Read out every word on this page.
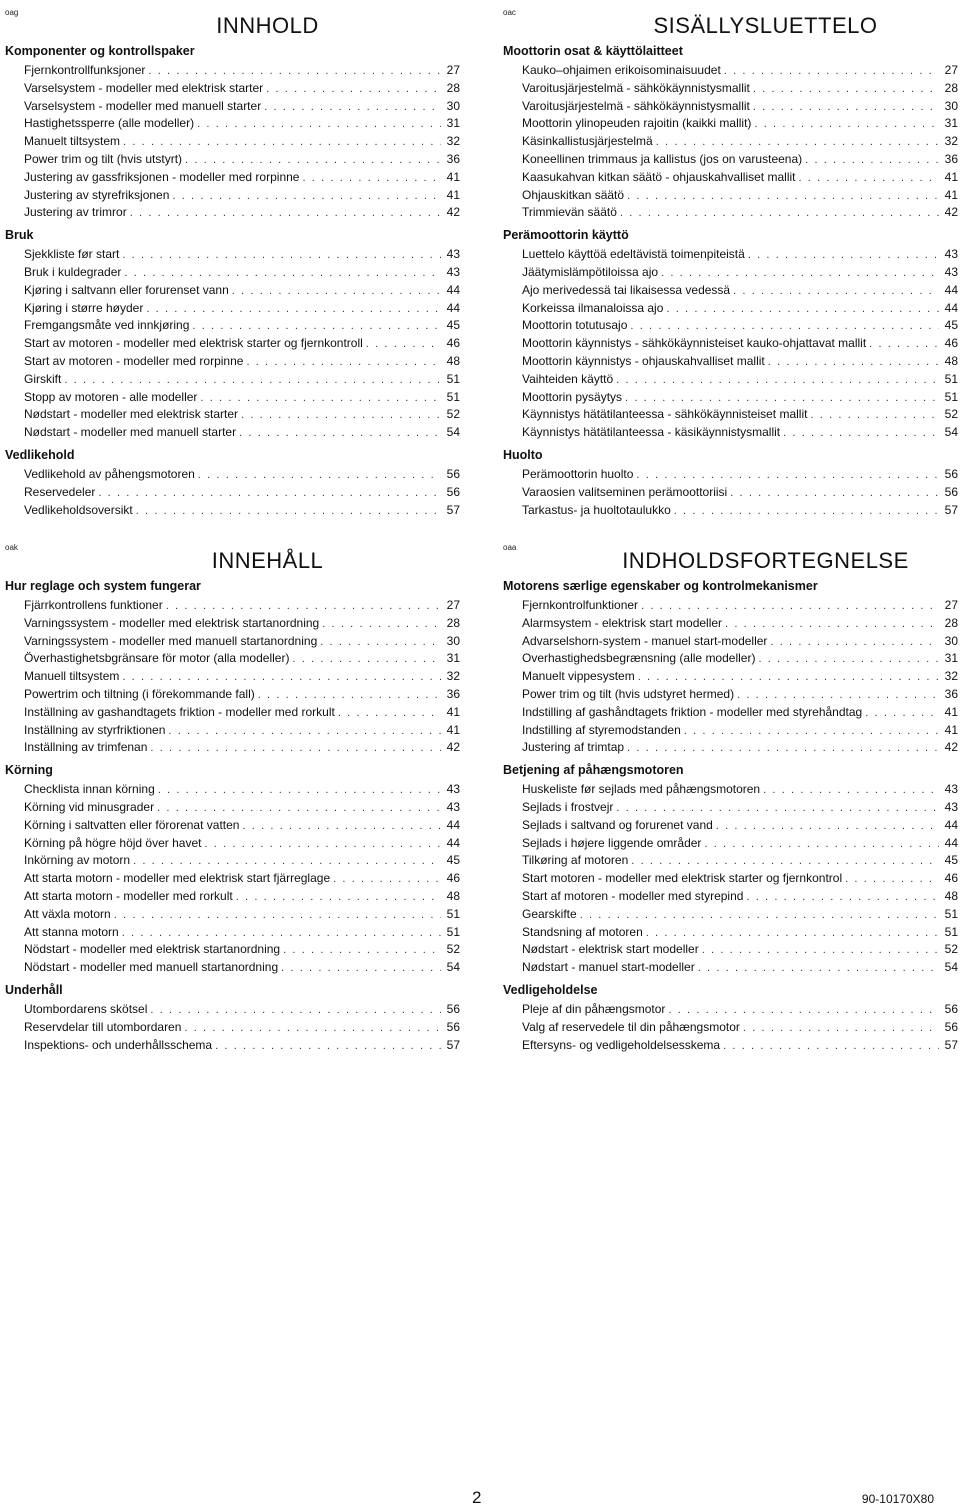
oag
INNHOLD
Komponenter og kontrollspaker
Fjernkontrollfunksjoner . . .	27
Varselsystem - modeller med elektrisk starter . . .	28
Varselsystem - modeller med manuell starter . . .	30
Hastighetssperre (alle modeller) . . .	31
Manuelt tiltsystem . . .	32
Power trim og tilt (hvis utstyrt) . . .	36
Justering av gassfriksjonen - modeller med rorpinne . . .	41
Justering av styrefriksjonen . . .	41
Justering av trimror . . .	42
Bruk
Sjekkliste før start . . .	43
Bruk i kuldegrader . . .	43
Kjøring i saltvann eller forurenset vann . . .	44
Kjøring i større høyder . . .	44
Fremgangsmåte ved innkjøring . . .	45
Start av motoren - modeller med elektrisk starter og fjernkontroll . . .	46
Start av motoren - modeller med rorpinne . . .	48
Girskift . . .	51
Stopp av motoren - alle modeller . . .	51
Nødstart - modeller med elektrisk starter . . .	52
Nødstart - modeller med manuell starter . . .	54
Vedlikehold
Vedlikehold av påhengsmotoren . . .	56
Reservedeler . . .	56
Vedlikeholdsoversikt . . .	57
oac
SISÄLLYSLUETTELO
Moottorin osat & käyttölaitteet
Kauko–ohjaimen erikoisominaisuudet . . .	27
Varoitusjärjestelmä - sähkökäynnistysmallit . . .	28
Varoitusjärjestelmä - sähkökäynnistysmallit . . .	30
Moottorin ylinopeuden rajoitin (kaikki mallit) . . .	31
Käsinkallistusjärjestelmä . . .	32
Koneellinen trimmaus ja kallistus (jos on varusteena) . . .	36
Kaasukahvan kitkan säätö - ohjauskahvalliset mallit . . .	41
Ohjauskitkan säätö . . .	41
Trimmievän säätö . . .	42
Perämoottorin käyttö
Luettelo käyttöä edeltävistä toimenpiteistä . . .	43
Jäätymislämpötiloissa ajo . . .	43
Ajo merivedessä tai likaisessa vedessä . . .	44
Korkeissa ilmanaloissa ajo . . .	44
Moottorin totutusajo . . .	45
Moottorin käynnistys - sähkökäynnisteiset kauko-ohjattavat mallit . . .	46
Moottorin käynnistys - ohjauskahvalliset mallit . . .	48
Vaihteiden käyttö . . .	51
Moottorin pysäytys . . .	51
Käynnistys hätätilanteessa - sähkökäynnisteiset mallit . . .	52
Käynnistys hätätilanteessa - käsikäynnistysmallit . . .	54
Huolto
Perämoottorin huolto . . .	56
Varaosien valitseminen perämoottoriisi . . .	56
Tarkastus- ja huoltotaulukko . . .	57
oak
INNEHÅLL
Hur reglage och system fungerar
Fjärrkontrollens funktioner . . .	27
Varningssystem - modeller med elektrisk startanordning . . .	28
Varningssystem - modeller med manuell startanordning . . .	30
Överhastighetsbgränsare för motor (alla modeller) . . .	31
Manuell tiltsystem . . .	32
Powertrim och tiltning (i förekommande fall) . . .	36
Inställning av gashandtagets friktion - modeller med rorkult . . .	41
Inställning av styrfriktionen . . .	41
Inställning av trimfenan . . .	42
Körning
Checklista innan körning . . .	43
Körning vid minusgrader . . .	43
Körning i saltvatten eller förorenat vatten . . .	44
Körning på högre höjd över havet . . .	44
Inkörning av motorn . . .	45
Att starta motorn - modeller med elektrisk start fjärreglage . . .	46
Att starta motorn - modeller med rorkult . . .	48
Att växla motorn . . .	51
Att stanna motorn . . .	51
Nödstart - modeller med elektrisk startanordning . . .	52
Nödstart - modeller med manuell startanordning . . .	54
Underhåll
Utombordarens skötsel . . .	56
Reservdelar till utombordaren . . .	56
Inspektions- och underhållsschema . . .	57
oaa
INDHOLDSFORTEGNELSE
Motorens særlige egenskaber og kontrolmekanismer
Fjernkontrolfunktioner . . .	27
Alarmsystem - elektrisk start modeller . . .	28
Advarselshorn-system - manuel start-modeller . . .	30
Overhastighedsbegrænsning (alle modeller) . . .	31
Manuelt vippesystem . . .	32
Power trim og tilt (hvis udstyret hermed) . . .	36
Indstilling af gashåndtagets friktion - modeller med styrehåndtag . . .	41
Indstilling af styremodstanden . . .	41
Justering af trimtap . . .	42
Betjening af påhængsmotoren
Huskeliste før sejlads med påhængsmotoren . . .	43
Sejlads i frostvejr . . .	43
Sejlads i saltvand og forurenet vand . . .	44
Sejlads i højere liggende områder . . .	44
Tilkøring af motoren . . .	45
Start motoren - modeller med elektrisk starter og fjernkontrol . . .	46
Start af motoren - modeller med styrepind . . .	48
Gearskifte . . .	51
Standsning af motoren . . .	51
Nødstart - elektrisk start modeller . . .	52
Nødstart - manuel start-modeller . . .	54
Vedligeholdelse
Pleje af din påhængsmotor . . .	56
Valg af reservedele til din påhængsmotor . . .	56
Eftersyns- og vedligeholdelsesskema . . .	57
2	90-10170X80
